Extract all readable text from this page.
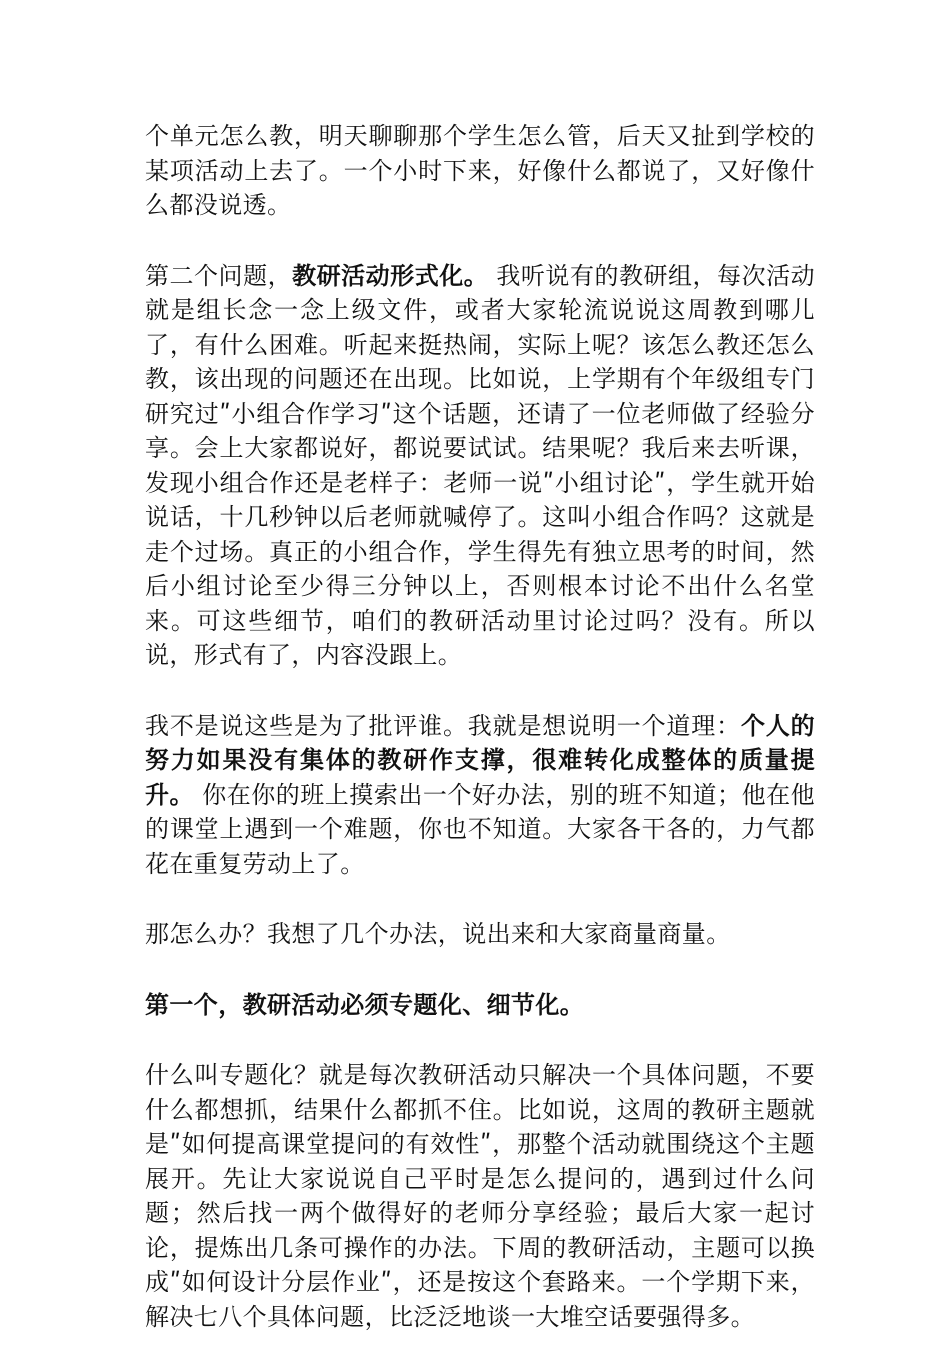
个单元怎么教，明天聊聊那个学生怎么管，后天又扯到学校的某项活动上去了。一个小时下来，好像什么都说了，又好像什么都没说透。

第二个问题，教研活动形式化。 我听说有的教研组，每次活动就是组长念一念上级文件，或者大家轮流说说这周教到哪儿了，有什么困难。听起来挺热闹，实际上呢？该怎么教还怎么教，该出现的问题还在出现。比如说，上学期有个年级组专门研究过ʺ小组合作学习ʺ这个话题，还请了一位老师做了经验分享。会上大家都说好，都说要试试。结果呢？我后来去听课，发现小组合作还是老样子：老师一说ʺ小组讨论ʺ，学生就开始说话，十几秒钟以后老师就喊停了。这叫小组合作吗？这就是走个过场。真正的小组合作，学生得先有独立思考的时间，然后小组讨论至少得三分钟以上，否则根本讨论不出什么名堂来。可这些细节，咱们的教研活动里讨论过吗？没有。所以说，形式有了，内容没跟上。

我不是说这些是为了批评谁。我就是想说明一个道理：个人的努力如果没有集体的教研作支撑，很难转化成整体的质量提升。 你在你的班上摸索出一个好办法，别的班不知道；他在他的课堂上遇到一个难题，你也不知道。大家各干各的，力气都花在重复劳动上了。

那怎么办？我想了几个办法，说出来和大家商量商量。

第一个，教研活动必须专题化、细节化。

什么叫专题化？就是每次教研活动只解决一个具体问题，不要什么都想抓，结果什么都抓不住。比如说，这周的教研主题就是ʺ如何提高课堂提问的有效性ʺ，那整个活动就围绕这个主题展开。先让大家说说自己平时是怎么提问的，遇到过什么问题；然后找一两个做得好的老师分享经验；最后大家一起讨论，提炼出几条可操作的办法。下周的教研活动，主题可以换成ʺ如何设计分层作业ʺ，还是按这个套路来。一个学期下来，解决七八个具体问题，比泛泛地谈一大堆空话要强得多。
